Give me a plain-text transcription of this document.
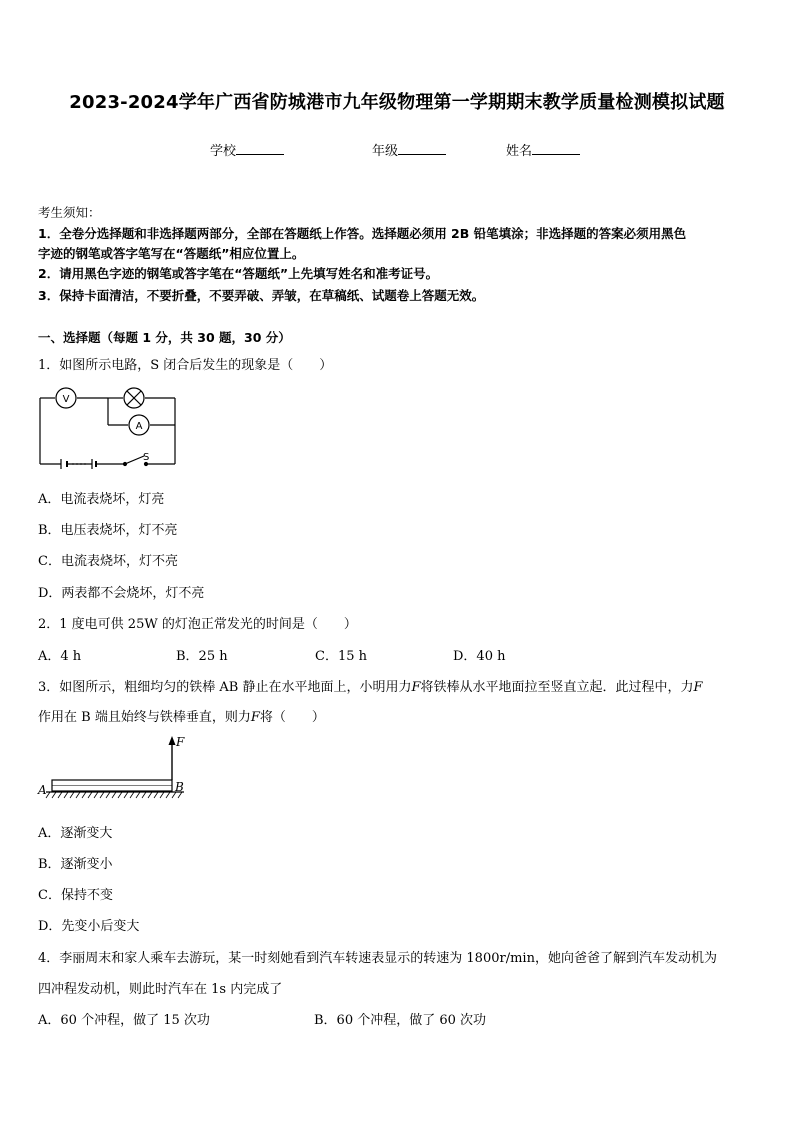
2023-2024学年广西省防城港市九年级物理第一学期期末教学质量检测模拟试题
学校	年级	姓名
考生须知：
1．全卷分选择题和非选择题两部分，全部在答题纸上作答。选择题必须用 2B 铅笔填涂；非选择题的答案必须用黑色
字迹的钢笔或答字笔写在“答题纸”相应位置上。
2．请用黑色字迹的钢笔或答字笔在“答题纸”上先填写姓名和准考证号。
3．保持卡面清洁，不要折叠，不要弄破、弄皱，在草稿纸、试题卷上答题无效。
一、选择题（每题 1 分，共 30 题，30 分）
1．如图所示电路，S 闭合后发生的现象是（　　）
V
A
S
A．电流表烧坏，灯亮
B．电压表烧坏，灯不亮
C．电流表烧坏，灯不亮
D．两表都不会烧坏，灯不亮
2．1 度电可供 25W 的灯泡正常发光的时间是（　　）
A．4 h	B．25 h	C．15 h	D．40 h
3．如图所示，粗细均匀的铁棒 AB 静止在水平地面上，小明用力F将铁棒从水平地面拉至竖直立起．此过程中，力F
作用在 B 端且始终与铁棒垂直，则力F将（　　）
F
A	B
A．逐渐变大
B．逐渐变小
C．保持不变
D．先变小后变大
4．李丽周末和家人乘车去游玩，某一时刻她看到汽车转速表显示的转速为 1800r/min，她向爸爸了解到汽车发动机为
四冲程发动机，则此时汽车在 1s 内完成了
A．60 个冲程，做了 15 次功	B．60 个冲程，做了 60 次功
